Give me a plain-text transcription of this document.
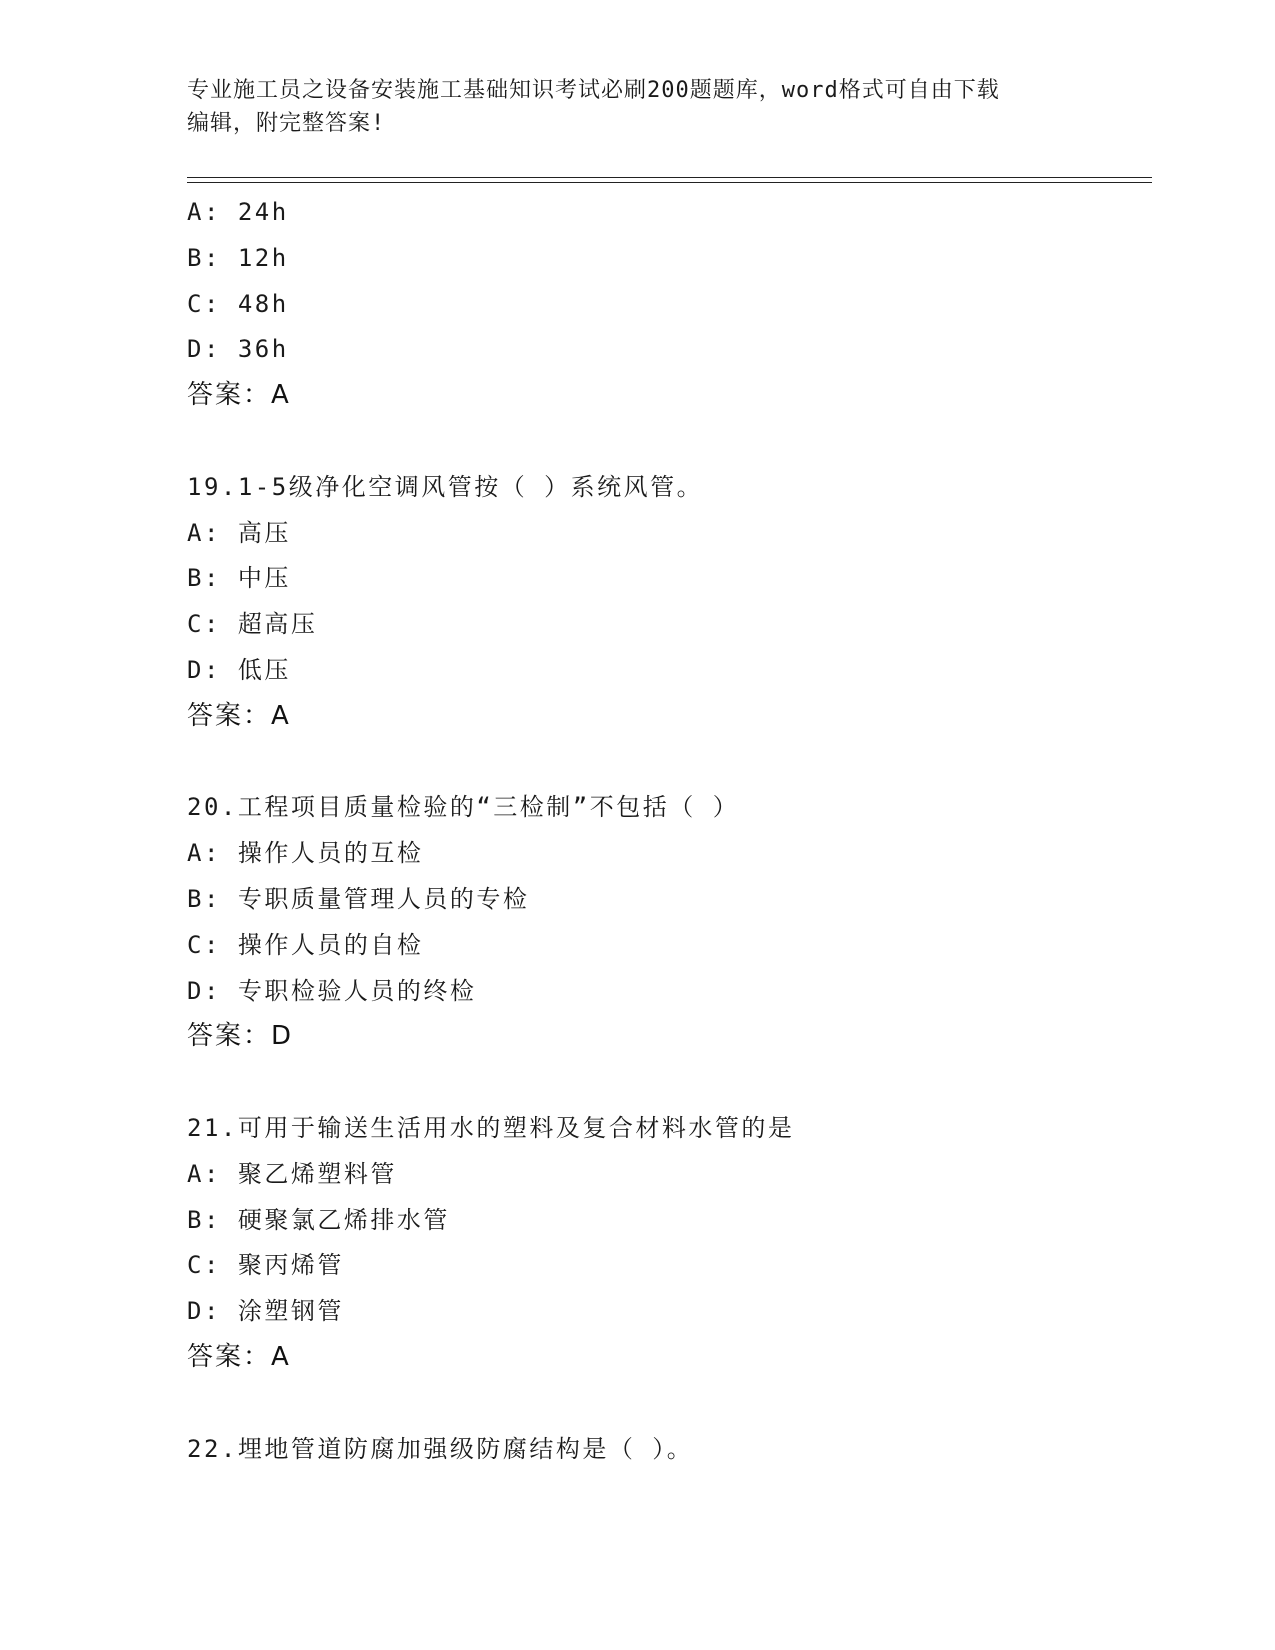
专业施工员之设备安装施工基础知识考试必刷200题题库，word格式可自由下载
编辑，附完整答案!
A: 24h
B: 12h
C: 48h
D: 36h
答案：A
19.1-5级净化空调风管按（ ）系统风管。
A: 高压
B: 中压
C: 超高压
D: 低压
答案：A
20.工程项目质量检验的“三检制”不包括（ ）
A: 操作人员的互检
B: 专职质量管理人员的专检
C: 操作人员的自检
D: 专职检验人员的终检
答案：D
21.可用于输送生活用水的塑料及复合材料水管的是
A: 聚乙烯塑料管
B: 硬聚氯乙烯排水管
C: 聚丙烯管
D: 涂塑钢管
答案：A
22.埋地管道防腐加强级防腐结构是（ ）。
